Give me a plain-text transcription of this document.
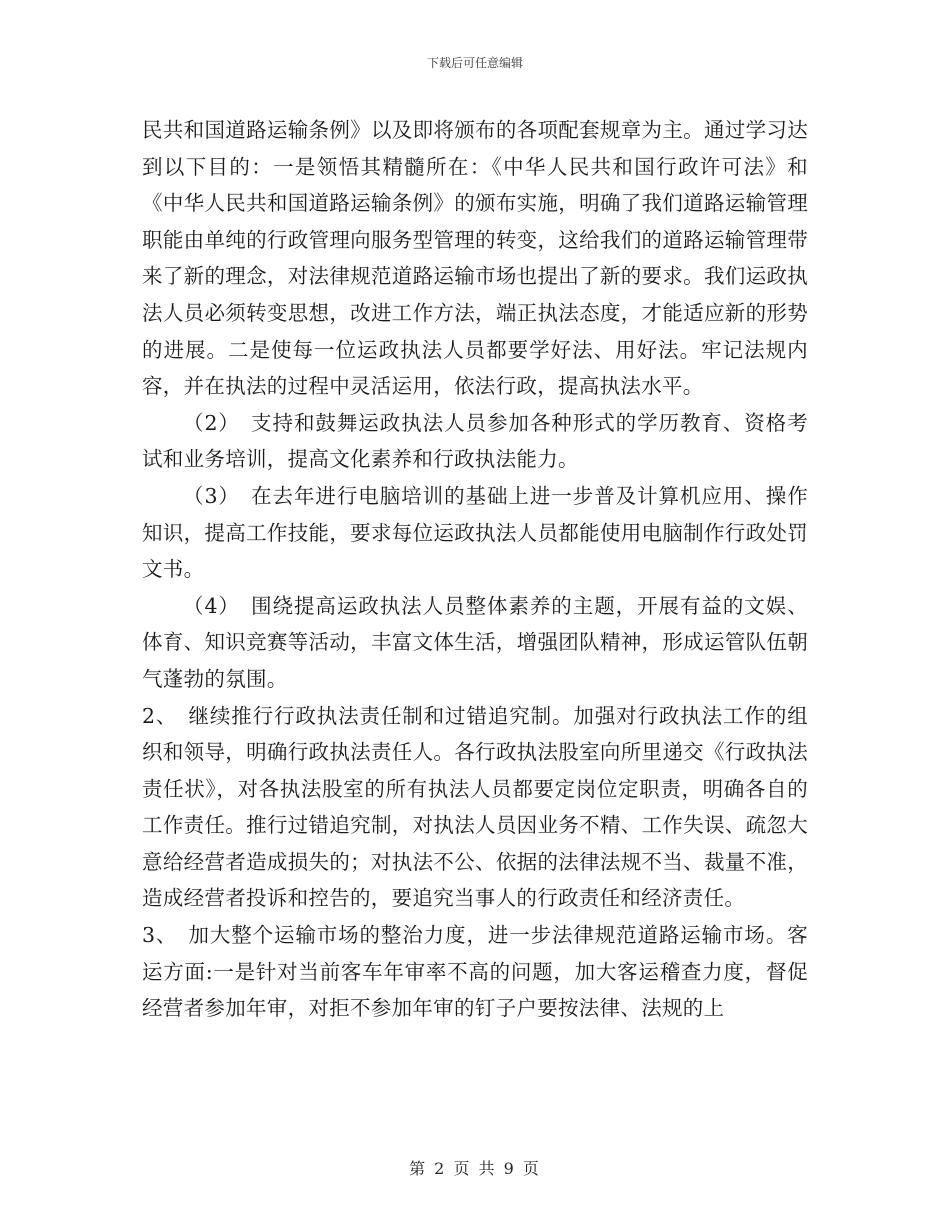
下载后可任意编辑

民共和国道路运输条例》以及即将颁布的各项配套规章为主。通过学习达到以下目的：一是领悟其精髓所在：《中华人民共和国行政许可法》和《中华人民共和国道路运输条例》的颁布实施，明确了我们道路运输管理职能由单纯的行政管理向服务型管理的转变，这给我们的道路运输管理带来了新的理念，对法律规范道路运输市场也提出了新的要求。我们运政执法人员必须转变思想，改进工作方法，端正执法态度，才能适应新的形势的进展。二是使每一位运政执法人员都要学好法、用好法。牢记法规内容，并在执法的过程中灵活运用，依法行政，提高执法水平。

（2）　支持和鼓舞运政执法人员参加各种形式的学历教育、资格考试和业务培训，提高文化素养和行政执法能力。

（3）　在去年进行电脑培训的基础上进一步普及计算机应用、操作知识，提高工作技能，要求每位运政执法人员都能使用电脑制作行政处罚文书。

（4）　围绕提高运政执法人员整体素养的主题，开展有益的文娱、体育、知识竞赛等活动，丰富文体生活，增强团队精神，形成运管队伍朝气蓬勃的氛围。

2、　继续推行行政执法责任制和过错追究制。加强对行政执法工作的组织和领导，明确行政执法责任人。各行政执法股室向所里递交《行政执法责任状》，对各执法股室的所有执法人员都要定岗位定职责，明确各自的工作责任。推行过错追究制，对执法人员因业务不精、工作失误、疏忽大意给经营者造成损失的；对执法不公、依据的法律法规不当、裁量不准，造成经营者投诉和控告的，要追究当事人的行政责任和经济责任。

3、　加大整个运输市场的整治力度，进一步法律规范道路运输市场。客运方面:一是针对当前客车年审率不高的问题，加大客运稽查力度，督促经营者参加年审，对拒不参加年审的钉子户要按法律、法规的上

第 2 页 共 9 页
